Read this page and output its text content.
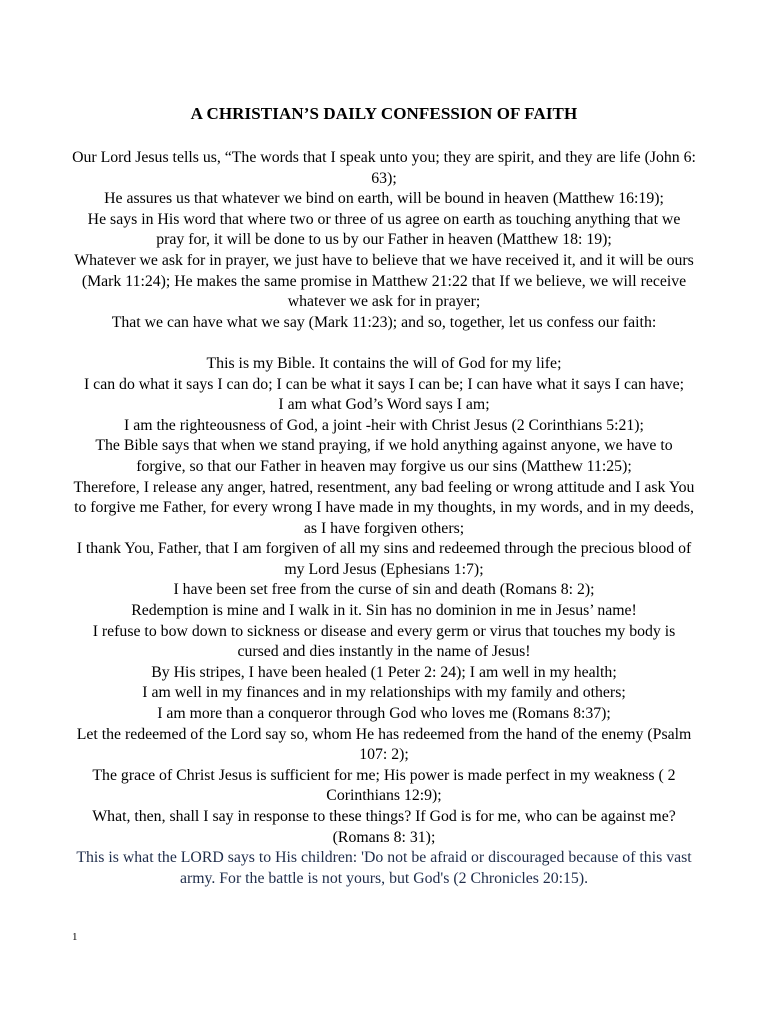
A CHRISTIAN’S DAILY CONFESSION OF FAITH

Our Lord Jesus tells us, “The words that I speak unto you; they are spirit, and they are life (John 6: 63);

He assures us that whatever we bind on earth, will be bound in heaven (Matthew 16:19);

He says in His word that where two or three of us agree on earth as touching anything that we pray for, it will be done to us by our Father in heaven (Matthew 18: 19);

Whatever we ask for in prayer, we just have to believe that we have received it, and it will be ours (Mark 11:24); He makes the same promise in Matthew 21:22 that If we believe, we will receive whatever we ask for in prayer;

That we can have what we say (Mark 11:23); and so, together, let us confess our faith:

This is my Bible. It contains the will of God for my life;

I can do what it says I can do; I can be what it says I can be; I can have what it says I can have;

I am what God’s Word says I am;

I am the righteousness of God, a joint -heir with Christ Jesus (2 Corinthians 5:21);

The Bible says that when we stand praying, if we hold anything against anyone, we have to forgive, so that our Father in heaven may forgive us our sins (Matthew 11:25);

Therefore, I release any anger, hatred, resentment, any bad feeling or wrong attitude and I ask You to forgive me Father, for every wrong I have made in my thoughts, in my words, and in my deeds, as I have forgiven others;

I thank You, Father, that I am forgiven of all my sins and redeemed through the precious blood of my Lord Jesus (Ephesians 1:7);

I have been set free from the curse of sin and death (Romans 8: 2);

Redemption is mine and I walk in it. Sin has no dominion in me in Jesus’ name!

I refuse to bow down to sickness or disease and every germ or virus that touches my body is cursed and dies instantly in the name of Jesus!

By His stripes, I have been healed (1 Peter 2: 24); I am well in my health;

I am well in my finances and in my relationships with my family and others;

I am more than a conqueror through God who loves me (Romans 8:37);

Let the redeemed of the Lord say so, whom He has redeemed from the hand of the enemy (Psalm 107: 2);

The grace of Christ Jesus is sufficient for me; His power is made perfect in my weakness ( 2 Corinthians 12:9);

What, then, shall I say in response to these things? If God is for me, who can be against me? (Romans 8: 31);

This is what the LORD says to His children: 'Do not be afraid or discouraged because of this vast army. For the battle is not yours, but God's (2 Chronicles 20:15).

1
